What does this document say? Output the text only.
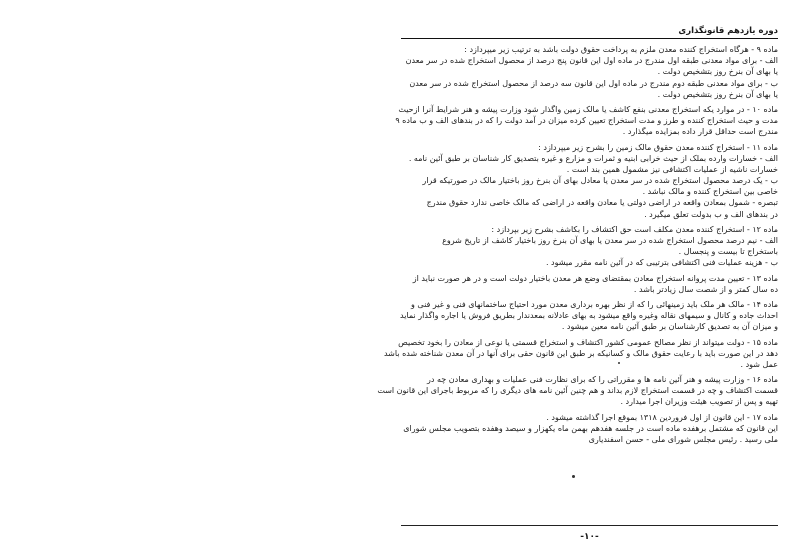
دوره یازدهم قانونگذاری
ماده ۹ - هرگاه استخراج کننده معدن ملزم به پرداخت حقوق دولت باشد به ترتیب زیر میپردازد :
الف - برای مواد معدنی طبقه اول مندرج در ماده اول این قانون پنج درصد از محصول استخراج شده در سر معدن
یا بهای آن بنرخ روز بتشخیص دولت .
ب - برای مواد معدنی طبقه دوم مندرج در ماده اول این قانون سه درصد از محصول استخراج شده در سر معدن
یا بهای آن بنرخ روز بتشخیص دولت .
ماده ۱۰ - در موارد یکه استخراج معدنی بنفع کاشف یا مالک زمین واگذار شود وزارت پیشه و هنر شرایط آنرا ازحیث
مدت و حیث استخراج کننده و طرز و مدت استخراج تعیین کرده میزان در آمد دولت را که در بندهای الف و ب ماده ۹
مندرج است حداقل قرار داده بمزایده میگذارد .
ماده ۱۱ - استخراج کننده معدن حقوق مالک زمین را بشرح زیر میپردازد :
الف - خسارات وارده بملک از حیث خرابی ابنیه و ثمرات و مزارع و غیره بتصدیق کار شناسان بر طبق آئین نامه .
خسارات ناشیه از عملیات اکتشافی نیز مشمول همین بند است .
ب - یک درصد محصول استخراج شده در سر معدن یا معادل بهای آن بنرخ روز باختیار مالک در صورتیکه قرار
خاصی بین استخراج کننده و مالک نباشد .
تبصره - شمول بمعادن واقعه در اراضی دولتی یا معادن واقعه در اراضی که مالک خاصی ندارد حقوق مندرج
در بندهای الف و ب بدولت تعلق میگیرد .
ماده ۱۲ - استخراج کننده معدن مکلف است حق اکتشاف را بکاشف بشرح زیر بپردازد :
الف - نیم درصد محصول استخراج شده در سر معدن یا بهای آن بنرخ روز باختیار کاشف از تاریخ شروع
باستخراج تا بیست و پنجسال .
ب - هزینه عملیات فنی اکتشافی بترتیبی که در آئین نامه مقرر میشود .
ماده ۱۳ - تعیین مدت پروانه استخراج معادن بمقتضای وضع هر معدن باختیار دولت است و در هر صورت نباید از
ده سال کمتر و از شصت سال زیادتر باشد .
ماده ۱۴ - مالک هر ملک باید زمینهائی را که از نظر بهره برداری معدن مورد احتیاج ساختمانهای فنی و غیر فنی و
احداث جاده و کانال و سیمهای نقاله وغیره واقع میشود به بهای عادلانه بمعدندار بطریق فروش یا اجاره واگذار نماید
و میزان آن به تصدیق کارشناسان بر طبق آئین نامه معین میشود .
ماده ۱۵ - دولت میتواند از نظر مصالح عمومی کشور اکتشاف و استخراج قسمتی یا نوعی از معادن را بخود تخصیص
دهد در این صورت باید با رعایت حقوق مالک و کسانیکه بر طبق این قانون حقی برای آنها در آن معدن شناخته شده باشد
عمل شود .
ماده ۱۶ - وزارت پیشه و هنر آئین نامه ها و مقرراتی را که برای نظارت فنی عملیات و بهداری معادن چه در
قسمت اکتشاف و چه در قسمت استخراج لازم بداند و هم چنین آئین نامه های دیگری را که مربوط باجرای این قانون است
تهیه و پس از تصویب هیئت وزیران اجرا میدارد .
ماده ۱۷ - این قانون از اول فروردین ۱۳۱۸ بموقع اجرا گذاشته میشود .
این قانون که مشتمل برهفده ماده است در جلسه هفدهم بهمن ماه یکهزار و سیصد وهفده بتصویب مجلس شورای
ملی رسید . رئیس مجلس شورای ملی - حسن اسفندیاری
-۱۰-
